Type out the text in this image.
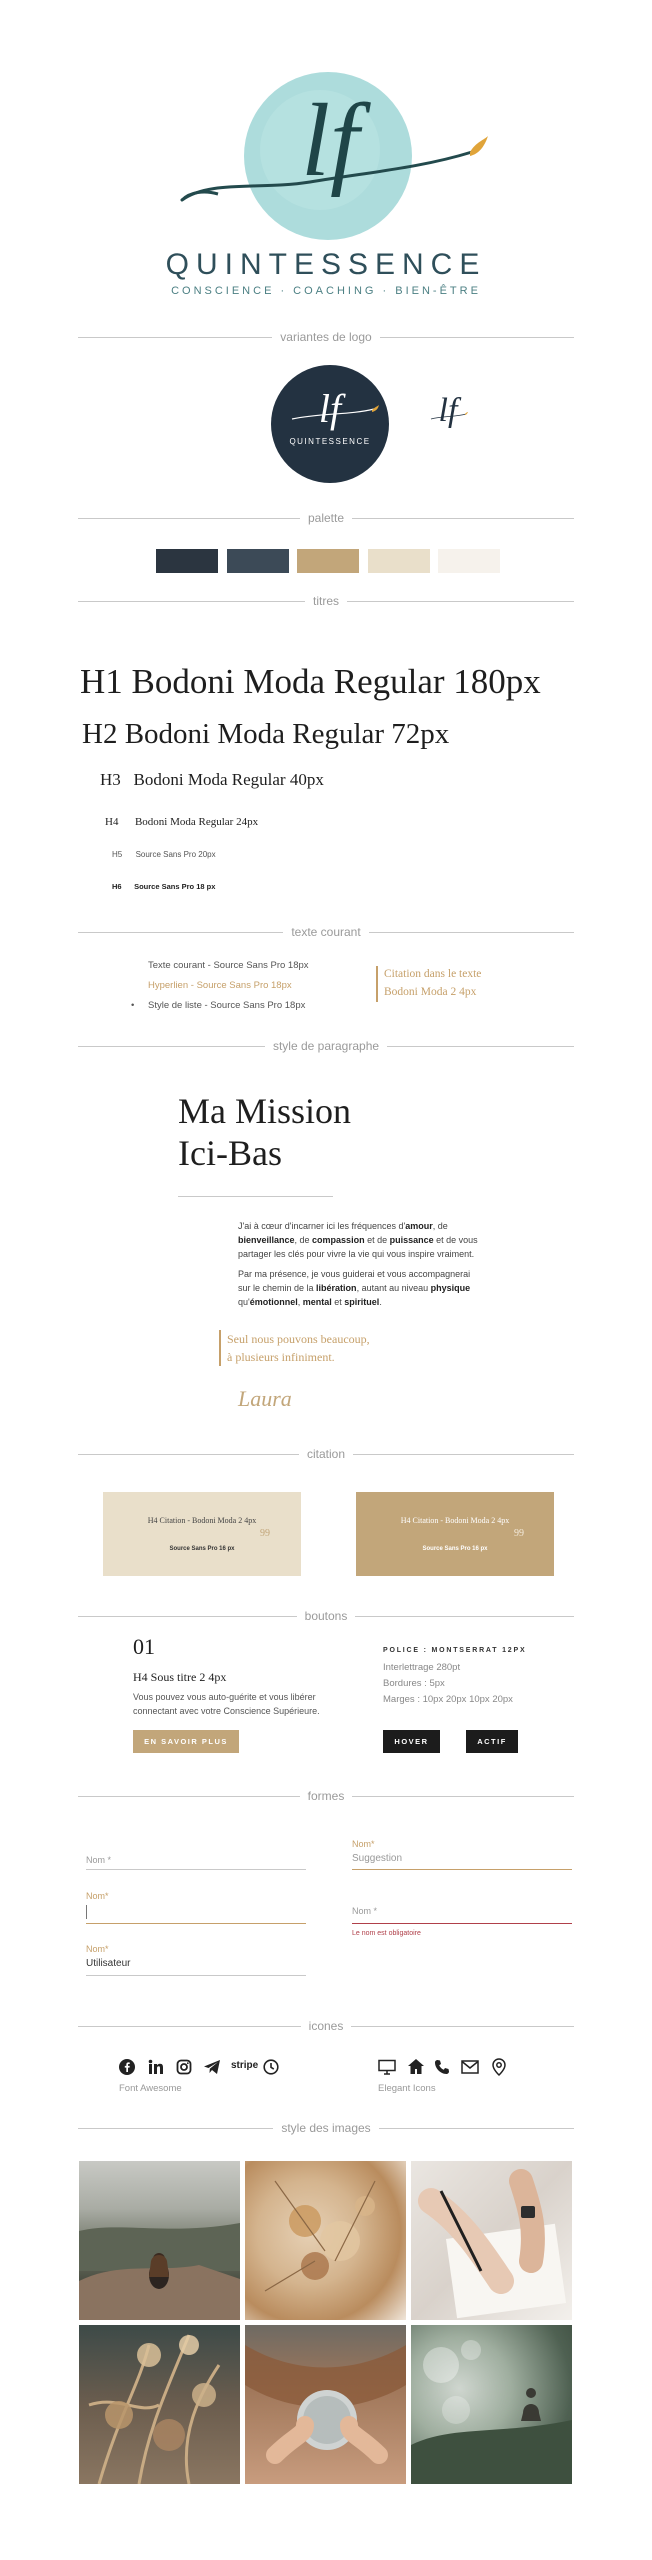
lf
QUINTESSENCE
CONSCIENCE · COACHING · BIEN-ÊTRE
variantes de logo
lf
QUINTESSENCE
lf
palette
titres
H1 Bodoni Moda Regular 180px
H2 Bodoni Moda Regular 72px
H3   Bodoni Moda Regular 40px
H4      Bodoni Moda Regular 24px
H5      Source Sans Pro 20px
H6      Source Sans Pro 18 px
texte courant
Texte courant - Source Sans Pro 18px
Hyperlien - Source Sans Pro 18px
• Style de liste - Source Sans Pro 18px
Citation dans le texte
Bodoni Moda 2 4px
style de paragraphe
Ma Mission
Ici-Bas
J'ai à cœur d'incarner ici les fréquences d'amour, de
bienveillance, de compassion et de puissance et de vous
partager les clés pour vivre la vie qui vous inspire vraiment.
Par ma présence, je vous guiderai et vous accompagnerai
sur le chemin de la libération, autant au niveau physique
qu'émotionnel, mental et spirituel.
Seul nous pouvons beaucoup,
à plusieurs infiniment.
Laura
citation
H4 Citation - Bodoni Moda 2 4px
99
Source Sans Pro 16 px
H4 Citation - Bodoni Moda 2 4px
99
Source Sans Pro 16 px
boutons
01
H4 Sous titre 2 4px
Vous pouvez vous auto-guérite et vous libérer
connectant avec votre Conscience Supérieure.
EN SAVOIR PLUS
POLICE : MONTSERRAT 12PX
Interlettrage 280pt
Bordures : 5px
Marges : 10px 20px 10px 20px
HOVER	ACTIF
formes
Nom *
Nom*
Nom*
Utilisateur
Nom*
Suggestion
Nom *
Le nom est obligatoire
icones
stripe
Font Awesome	Elegant Icons
style des images
